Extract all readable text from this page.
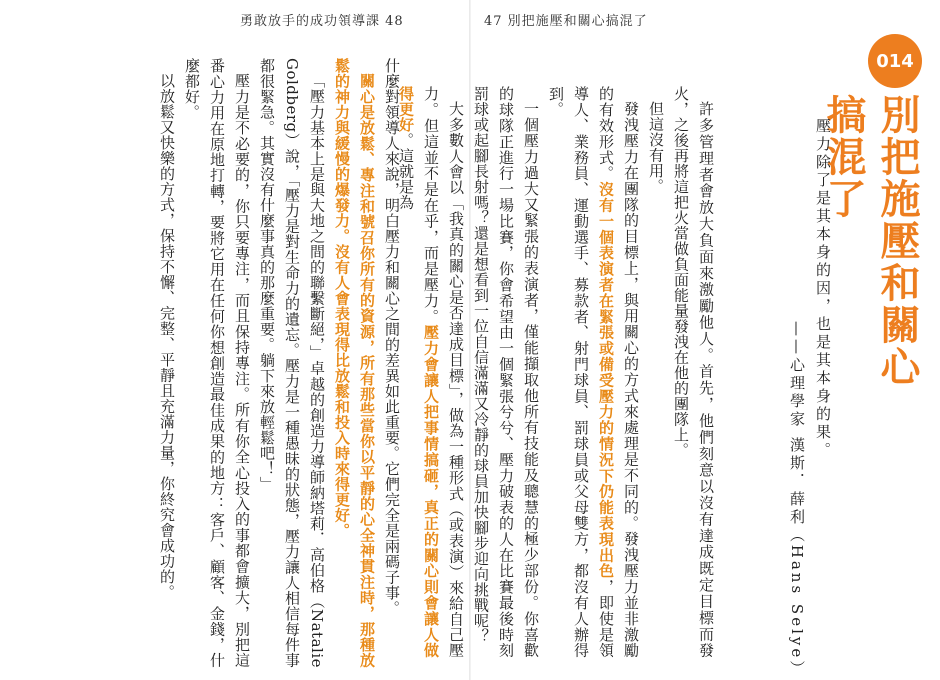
勇敢放手的成功領導課 48	47 別把施壓和關心搞混了
014
別把施壓和關心搞混了
壓力除了是其本身的因，也是其本身的果。
——心理學家 漢斯．薛利（Hans Selye）

許多管理者會放大負面來激勵他人。首先，他們刻意以沒有達成既定目標而發火，之後再將這把火當做負面能量發洩在他的團隊上。

但這沒有用。

發洩壓力在團隊的目標上，與用關心的方式來處理是不同的。發洩壓力並非激勵的有效形式。沒有一個表演者在緊張或備受壓力的情況下仍能表現出色，即使是領導人、業務員、運動選手、募款者、射門球員、罰球員或父母雙方，都沒有人辦得到。

一個壓力過大又緊張的表演者，僅能擷取他所有技能及聰慧的極少部份。你喜歡的球隊正進行一場比賽，你會希望由一個緊張兮兮、壓力破表的人在比賽最後時刻罰球或起腳長射嗎？還是想看到一位自信滿滿又冷靜的球員加快腳步迎向挑戰呢？

大多數人會以「我真的關心是否達成目標」，做為一種形式（或表演）來給自己壓力。但這並不是在乎，而是壓力。壓力會讓人把事情搞砸，真正的關心則會讓人做得更好。這就是為

什麼對領導人來說，明白壓力和關心之間的差異如此重要。它們完全是兩碼子事。

關心是放鬆、專注和號召你所有的資源，所有那些當你以平靜的心全神貫注時，那種放鬆的神力與緩慢的爆發力。沒有人會表現得比放鬆和投入時來得更好。

「壓力基本上是與大地之間的聯繫斷絕，」卓越的創造力導師納塔莉．高伯格（Natalie Goldberg）說，「壓力是對生命力的遺忘。壓力是一種愚昧的狀態，壓力讓人相信每件事都很緊急。其實沒有什麼事真的那麼重要。躺下來放輕鬆吧！」

壓力是不必要的，你只要專注，而且保持專注。所有你全心投入的事都會擴大，別把這番心力用在原地打轉，要將它用在任何你想創造最佳成果的地方：客戶、顧客、金錢，什麼都好。

以放鬆又快樂的方式，保持不懈、完整、平靜且充滿力量，你終究會成功的。
